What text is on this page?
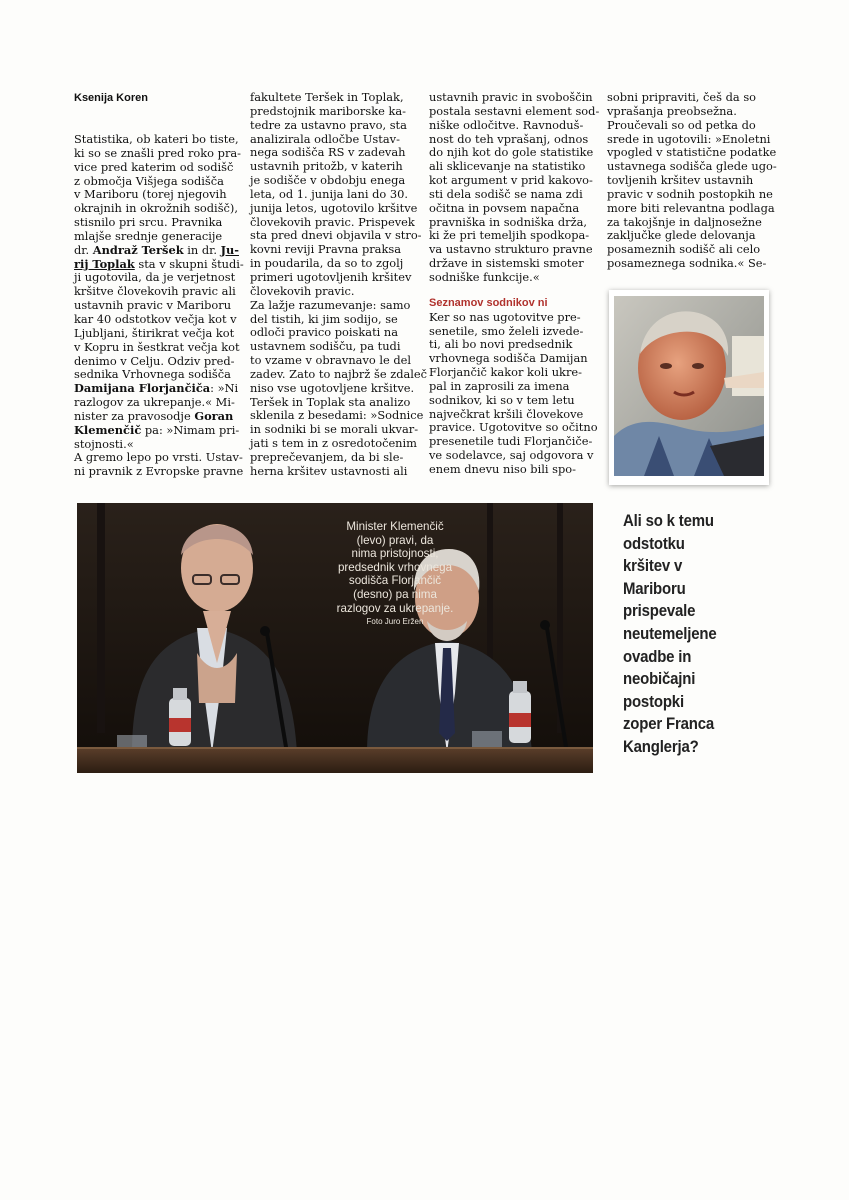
Ksenija Koren
Statistika, ob kateri bo tiste,
ki so se znašli pred roko pra-
vice pred katerim od sodišč
z območja Višjega sodišča
v Mariboru (torej njegovih
okrajnih in okrožnih sodišč),
stisnilo pri srcu. Pravnika
mlajše srednje generacije
dr. Andraž Teršek in dr. Ju-
rij Toplak sta v skupni študi-
ji ugotovila, da je verjetnost
kršitve človekovih pravic ali
ustavnih pravic v Mariboru
kar 40 odstotkov večja kot v
Ljubljani, štirikrat večja kot
v Kopru in šestkrat večja kot
denimo v Celju. Odziv pred-
sednika Vrhovnega sodišča
Damijana Florjančiča: »Ni
razlogov za ukrepanje.« Mi-
nister za pravosodje Goran
Klemenčič pa: »Nimam pri-
stojnosti.«
A gremo lepo po vrsti. Ustav-
ni pravnik z Evropske pravne
fakultete Teršek in Toplak,
predstojnik mariborske ka-
tedre za ustavno pravo, sta
analizirala odločbe Ustav-
nega sodišča RS v zadevah
ustavnih pritožb, v katerih
je sodišče v obdobju enega
leta, od 1. junija lani do 30.
junija letos, ugotovilo kršitve
človekovih pravic. Prispevek
sta pred dnevi objavila v stro-
kovni reviji Pravna praksa
in poudarila, da so to zgolj
primeri ugotovljenih kršitev
človekovih pravic.
Za lažje razumevanje: samo
del tistih, ki jim sodijo, se
odloči pravico poiskati na
ustavnem sodišču, pa tudi
to vzame v obravnavo le del
zadev. Zato to najbrž še zdaleč
niso vse ugotovljene kršitve.
Teršek in Toplak sta analizo
sklenila z besedami: »Sodnice
in sodniki bi se morali ukvar-
jati s tem in z osredotočenim
preprečevanjem, da bi sle-
herna kršitev ustavnosti ali
ustavnih pravic in svoboščin
postala sestavni element sod-
niške odločitve. Ravnoduš-
nost do teh vprašanj, odnos
do njih kot do gole statistike
ali sklicevanje na statistiko
kot argument v prid kakovo-
sti dela sodišč se nama zdi
očitna in povsem napačna
pravniška in sodniška drža,
ki že pri temeljih spodkopa-
va ustavno strukturo pravne
države in sistemski smoter
sodniške funkcije.«
Seznamov sodnikov ni
Ker so nas ugotovitve pre-
senetile, smo želeli izvede-
ti, ali bo novi predsednik
vrhovnega sodišča Damijan
Florjančič kakor koli ukre-
pal in zaprosili za imena
sodnikov, ki so v tem letu
največkrat kršili človekove
pravice. Ugotovitve so očitno
presenetile tudi Florjančiče-
ve sodelavce, saj odgovora v
enem dnevu niso bili spo-
sobni pripraviti, češ da so
vprašanja preobsežna.
Proučevali so od petka do
srede in ugotovili: »Enoletni
vpogled v statistične podatke
ustavnega sodišča glede ugo-
tovljenih kršitev ustavnih
pravic v sodnih postopkih ne
more biti relevantna podlaga
za takojšnje in daljnosežne
zaključke glede delovanja
posameznih sodišč ali celo
posameznega sodnika.« Se-
Minister Klemenčič
(levo) pravi, da
nima pristojnosti,
predsednik vrhovnega
sodišča Florjančič
(desno) pa nima
razlogov za ukrepanje.
Foto Juro Eržen
Ali so k temu
odstotku
kršitev v
Mariboru
prispevale
neutemeljene
ovadbe in
neobičajni
postopki
zoper Franca
Kanglerja?
